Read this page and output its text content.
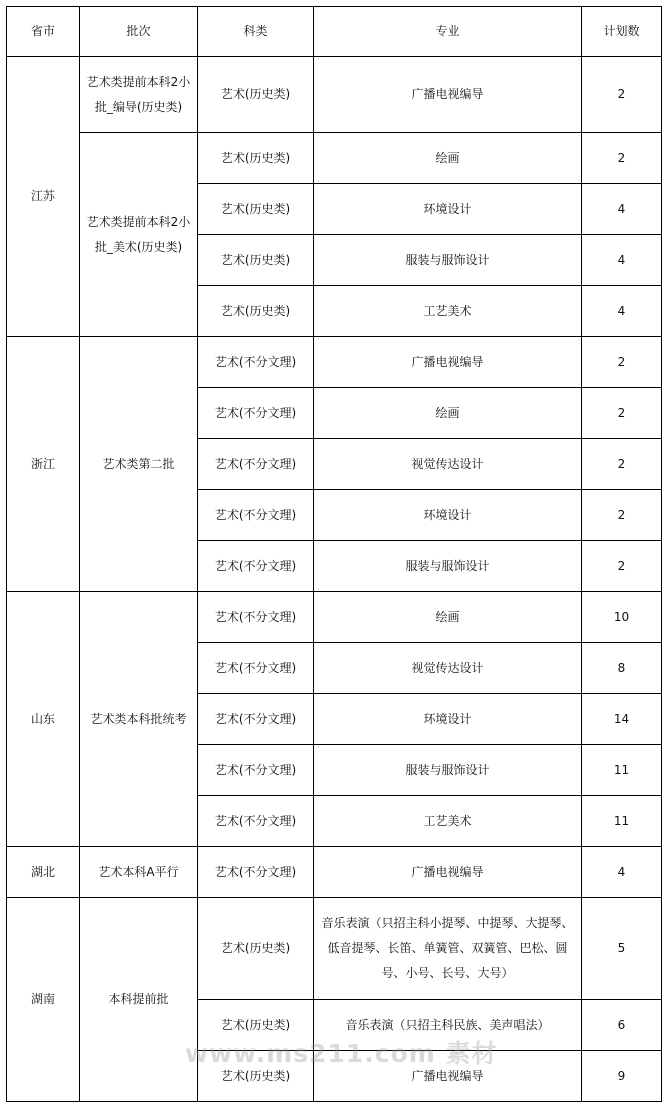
省市	批次	科类	专业	计划数
江苏	艺术类提前本科2小批_编导(历史类)	艺术(历史类)	广播电视编导	2
	艺术类提前本科2小批_美术(历史类)	艺术(历史类)	绘画	2
		艺术(历史类)	环境设计	4
		艺术(历史类)	服装与服饰设计	4
		艺术(历史类)	工艺美术	4
浙江	艺术类第二批	艺术(不分文理)	广播电视编导	2
		艺术(不分文理)	绘画	2
		艺术(不分文理)	视觉传达设计	2
		艺术(不分文理)	环境设计	2
		艺术(不分文理)	服装与服饰设计	2
山东	艺术类本科批统考	艺术(不分文理)	绘画	10
		艺术(不分文理)	视觉传达设计	8
		艺术(不分文理)	环境设计	14
		艺术(不分文理)	服装与服饰设计	11
		艺术(不分文理)	工艺美术	11
湖北	艺术本科A平行	艺术(不分文理)	广播电视编导	4
湖南	本科提前批	艺术(历史类)	音乐表演（只招主科小提琴、中提琴、大提琴、低音提琴、长笛、单簧管、双簧管、巴松、圆号、小号、长号、大号）	5
		艺术(历史类)	音乐表演（只招主科民族、美声唱法）	6
		艺术(历史类)	广播电视编导	9
www.ms211.com 素材
